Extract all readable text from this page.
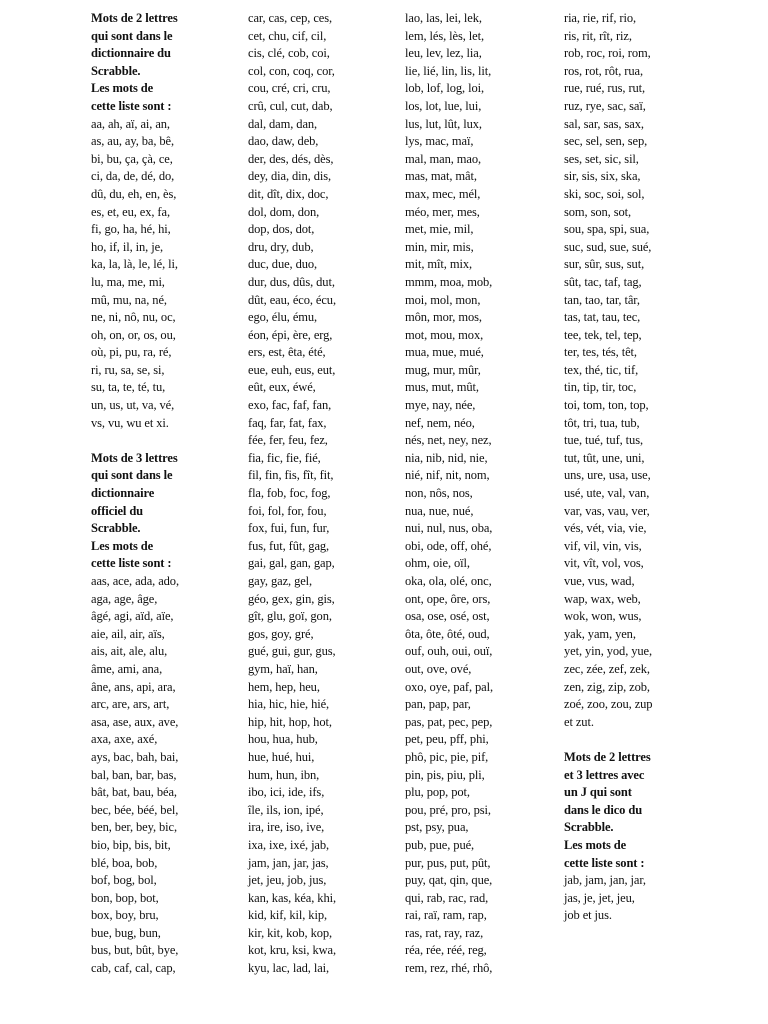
Mots de 2 lettres
qui sont dans le
dictionnaire du
Scrabble.
Les mots de
cette liste sont :
aa, ah, aï, ai, an,
as, au, ay, ba, bê,
bi, bu, ça, çà, ce,
ci, da, de, dé, do,
dû, du, eh, en, ès,
es, et, eu, ex, fa,
fi, go, ha, hé, hi,
ho, if, il, in, je,
ka, la, là, le, lé, li,
lu, ma, me, mi,
mû, mu, na, né,
ne, ni, nô, nu, oc,
oh, on, or, os, ou,
où, pi, pu, ra, ré,
ri, ru, sa, se, si,
su, ta, te, té, tu,
un, us, ut, va, vé,
vs, vu, wu et xi.
Mots de 3 lettres
qui sont dans le
dictionnaire
officiel du
Scrabble.
Les mots de
cette liste sont :
aas, ace, ada, ado,
aga, age, âge,
âgé, agi, aïd, aïe,
aie, ail, air, aïs,
ais, ait, ale, alu,
âme, ami, ana,
âne, ans, api, ara,
arc, are, ars, art,
asa, ase, aux, ave,
axa, axe, axé,
ays, bac, bah, bai,
bal, ban, bar, bas,
bât, bat, bau, béa,
bec, bée, béé, bel,
ben, ber, bey, bic,
bio, bip, bis, bit,
blé, boa, bob,
bof, bog, bol,
bon, bop, bot,
box, boy, bru,
bue, bug, bun,
bus, but, bût, bye,
cab, caf, cal, cap,
car, cas, cep, ces,
cet, chu, cif, cil,
cis, clé, cob, coi,
col, con, coq, cor,
cou, cré, cri, cru,
crû, cul, cut, dab,
dal, dam, dan,
dao, daw, deb,
der, des, dés, dès,
dey, dia, din, dis,
dit, dît, dix, doc,
dol, dom, don,
dop, dos, dot,
dru, dry, dub,
duc, due, duo,
dur, dus, dûs, dut,
dût, eau, éco, écu,
ego, élu, ému,
éon, épi, ère, erg,
ers, est, êta, été,
eue, euh, eus, eut,
eût, eux, éwé,
exo, fac, faf, fan,
faq, far, fat, fax,
fée, fer, feu, fez,
fia, fic, fie, fié,
fil, fin, fis, fît, fit,
fla, fob, foc, fog,
foi, fol, for, fou,
fox, fui, fun, fur,
fus, fut, fût, gag,
gai, gal, gan, gap,
gay, gaz, gel,
géo, gex, gin, gis,
gît, glu, goï, gon,
gos, goy, gré,
gué, gui, gur, gus,
gym, haï, han,
hem, hep, heu,
hia, hic, hie, hié,
hip, hit, hop, hot,
hou, hua, hub,
hue, hué, hui,
hum, hun, ibn,
ibo, ici, ide, ifs,
île, ils, ion, ipé,
ira, ire, iso, ive,
ixa, ixe, ixé, jab,
jam, jan, jar, jas,
jet, jeu, job, jus,
kan, kas, kéa, khi,
kid, kif, kil, kip,
kir, kit, kob, kop,
kot, kru, ksi, kwa,
kyu, lac, lad, lai,
lao, las, lei, lek,
lem, lés, lès, let,
leu, lev, lez, lia,
lie, lié, lin, lis, lit,
lob, lof, log, loi,
los, lot, lue, lui,
lus, lut, lût, lux,
lys, mac, maï,
mal, man, mao,
mas, mat, mât,
max, mec, mél,
méo, mer, mes,
met, mie, mil,
min, mir, mis,
mit, mît, mix,
mmm, moa, mob,
moi, mol, mon,
môn, mor, mos,
mot, mou, mox,
mua, mue, mué,
mug, mur, mûr,
mus, mut, mût,
mye, nay, née,
nef, nem, néo,
nés, net, ney, nez,
nia, nib, nid, nie,
nié, nif, nit, nom,
non, nôs, nos,
nua, nue, nué,
nui, nul, nus, oba,
obi, ode, off, ohé,
ohm, oie, oïl,
oka, ola, olé, onc,
ont, ope, ôre, ors,
osa, ose, osé, ost,
ôta, ôte, ôté, oud,
ouf, ouh, oui, ouï,
out, ove, ové,
oxo, oye, paf, pal,
pan, pap, par,
pas, pat, pec, pep,
pet, peu, pff, phi,
phô, pic, pie, pif,
pin, pis, piu, pli,
plu, pop, pot,
pou, pré, pro, psi,
pst, psy, pua,
pub, pue, pué,
pur, pus, put, pût,
puy, qat, qin, que,
qui, rab, rac, rad,
rai, raï, ram, rap,
ras, rat, ray, raz,
réa, rée, réé, reg,
rem, rez, rhé, rhô,
ria, rie, rif, rio,
ris, rit, rît, riz,
rob, roc, roi, rom,
ros, rot, rôt, rua,
rue, rué, rus, rut,
ruz, rye, sac, saï,
sal, sar, sas, sax,
sec, sel, sen, sep,
ses, set, sic, sil,
sir, sis, six, ska,
ski, soc, soi, sol,
som, son, sot,
sou, spa, spi, sua,
suc, sud, sue, sué,
sur, sûr, sus, sut,
sût, tac, taf, tag,
tan, tao, tar, târ,
tas, tat, tau, tec,
tee, tek, tel, tep,
ter, tes, tés, têt,
tex, thé, tic, tif,
tin, tip, tir, toc,
toi, tom, ton, top,
tôt, tri, tua, tub,
tue, tué, tuf, tus,
tut, tût, une, uni,
uns, ure, usa, use,
usé, ute, val, van,
var, vas, vau, ver,
vés, vét, via, vie,
vif, vil, vin, vis,
vit, vît, vol, vos,
vue, vus, wad,
wap, wax, web,
wok, won, wus,
yak, yam, yen,
yet, yin, yod, yue,
zec, zée, zef, zek,
zen, zig, zip, zob,
zoé, zoo, zou, zup
et zut.
Mots de 2 lettres
et 3 lettres avec
un J qui sont
dans le dico du
Scrabble.
Les mots de
cette liste sont :
jab, jam, jan, jar,
jas, je, jet, jeu,
job et jus.
